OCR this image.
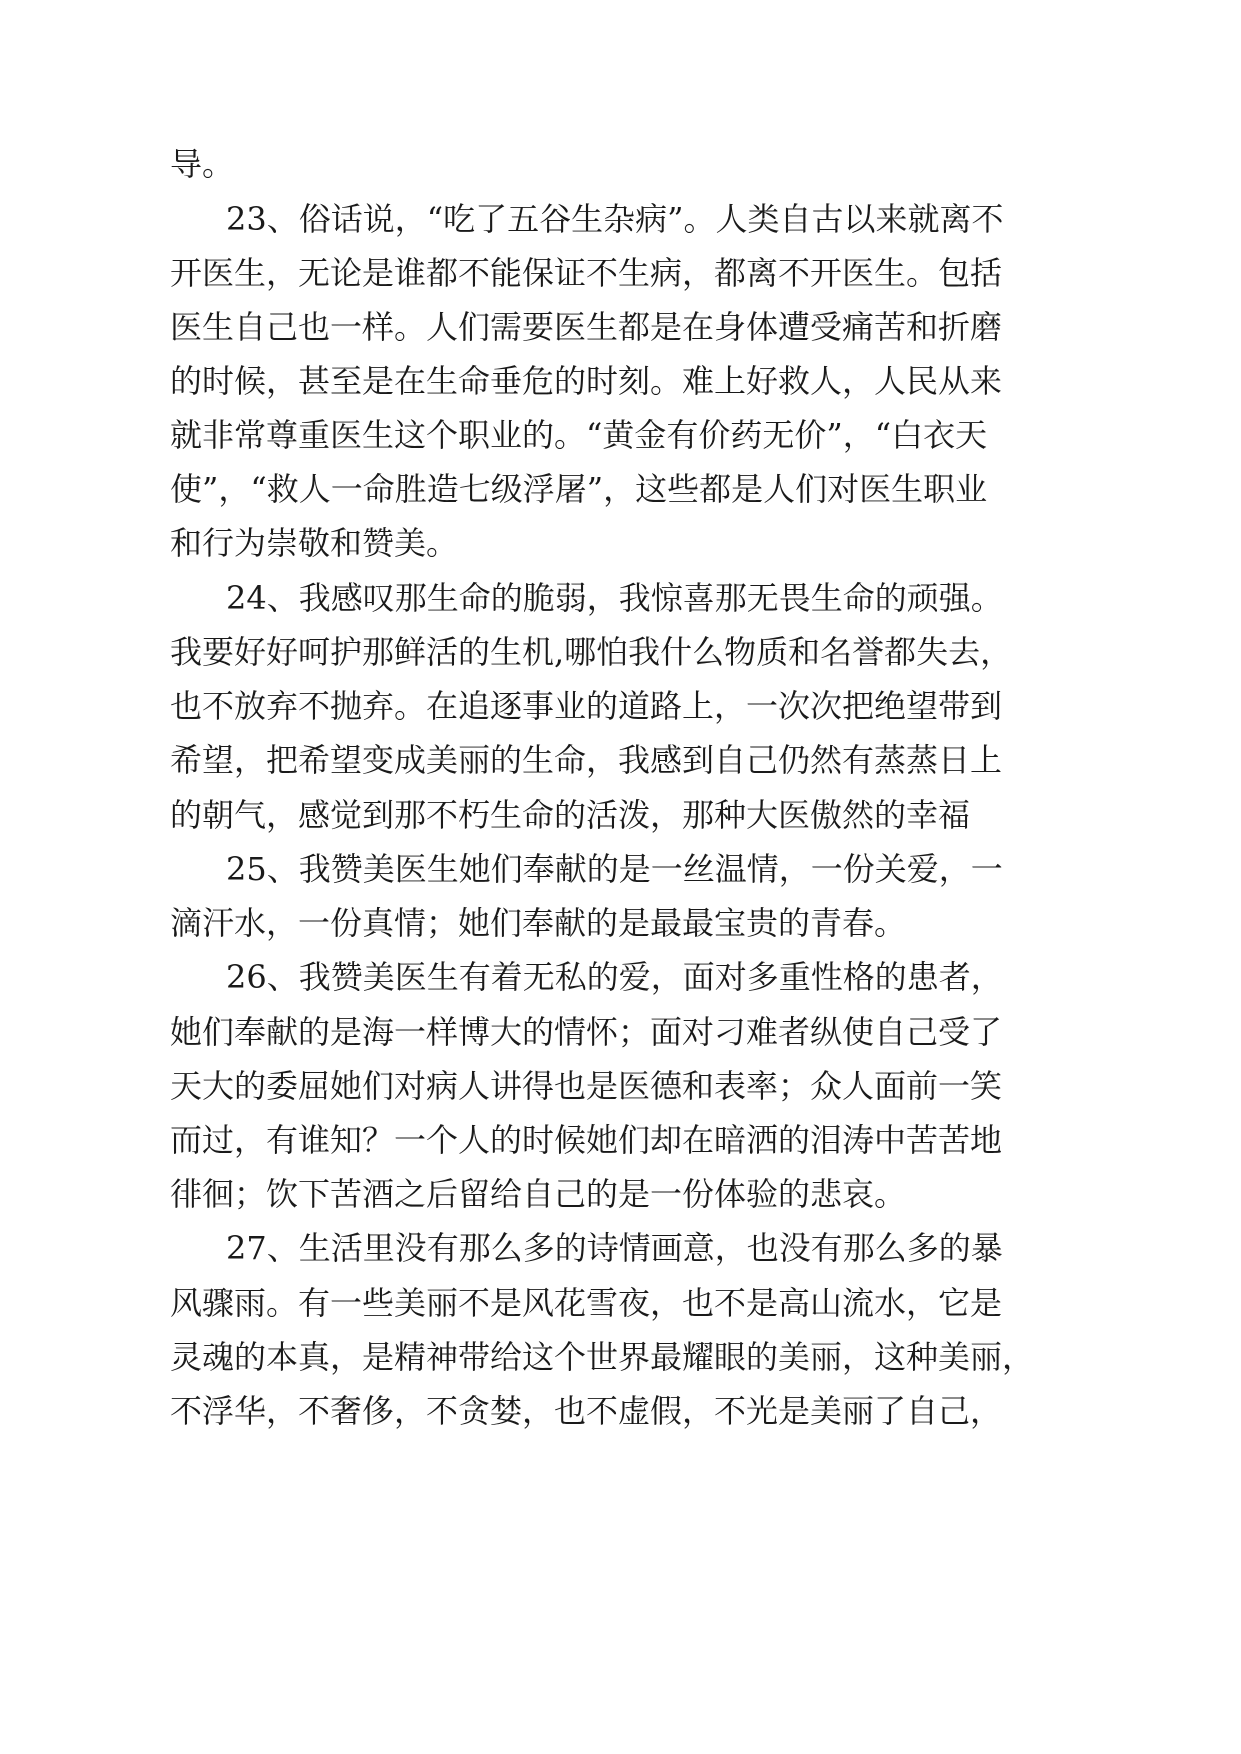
导。

23、俗话说，“吃了五谷生杂病”。人类自古以来就离不

开医生，无论是谁都不能保证不生病，都离不开医生。包括

医生自己也一样。人们需要医生都是在身体遭受痛苦和折磨

的时候，甚至是在生命垂危的时刻。难上好救人，人民从来

就非常尊重医生这个职业的。“黄金有价药无价”，“白衣天

使”，“救人一命胜造七级浮屠”，这些都是人们对医生职业

和行为崇敬和赞美。

24、我感叹那生命的脆弱，我惊喜那无畏生命的顽强。

我要好好呵护那鲜活的生机,哪怕我什么物质和名誉都失去，

也不放弃不抛弃。在追逐事业的道路上，一次次把绝望带到

希望，把希望变成美丽的生命，我感到自己仍然有蒸蒸日上

的朝气，感觉到那不朽生命的活泼，那种大医傲然的幸福

25、我赞美医生她们奉献的是一丝温情，一份关爱，一

滴汗水，一份真情；她们奉献的是最最宝贵的青春。

26、我赞美医生有着无私的爱，面对多重性格的患者，

她们奉献的是海一样博大的情怀；面对刁难者纵使自己受了

天大的委屈她们对病人讲得也是医德和表率；众人面前一笑

而过，有谁知？一个人的时候她们却在暗洒的泪涛中苦苦地

徘徊；饮下苦酒之后留给自己的是一份体验的悲哀。

27、生活里没有那么多的诗情画意，也没有那么多的暴

风骤雨。有一些美丽不是风花雪夜，也不是高山流水，它是

灵魂的本真，是精神带给这个世界最耀眼的美丽，这种美丽，

不浮华，不奢侈，不贪婪，也不虚假，不光是美丽了自己，
